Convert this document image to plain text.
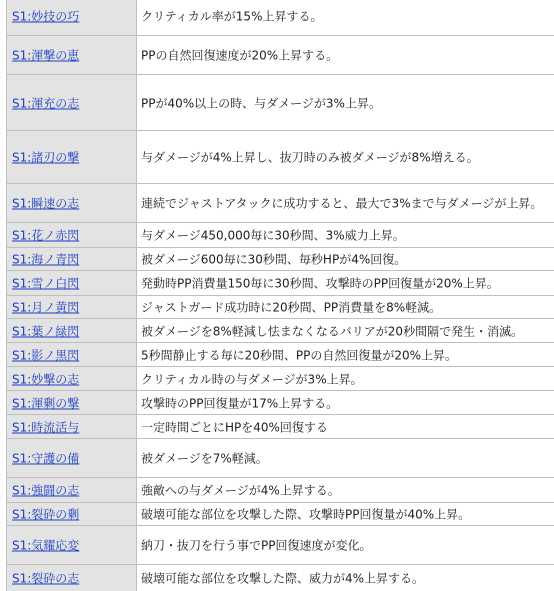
S1:妙技の巧	クリティカル率が15%上昇する。
S1:渾撃の恵	PPの自然回復速度が20%上昇する。
S1:渾充の志	PPが40%以上の時、与ダメージが3%上昇。
S1:諸刃の撃	与ダメージが4%上昇し、抜刀時のみ被ダメージが8%増える。
S1:瞬速の志	連続でジャストアタックに成功すると、最大で3%まで与ダメージが上昇。
S1:花ノ赤閃	与ダメージ450,000毎に30秒間、3%威力上昇。
S1:海ノ青閃	被ダメージ600毎に30秒間、毎秒HPが4%回復。
S1:雪ノ白閃	発動時PP消費量150毎に30秒間、攻撃時のPP回復量が20%上昇。
S1:月ノ黄閃	ジャストガード成功時に20秒間、PP消費量を8%軽減。
S1:葉ノ緑閃	被ダメージを8%軽減し怯まなくなるバリアが20秒間隔で発生・消滅。
S1:影ノ黒閃	5秒間静止する毎に20秒間、PPの自然回復量が20%上昇。
S1:妙撃の志	クリティカル時の与ダメージが3%上昇。
S1:渾剰の撃	攻撃時のPP回復量が17%上昇する。
S1:時流活与	一定時間ごとにHPを40%回復する
S1:守護の備	被ダメージを7%軽減。
S1:強闘の志	強敵への与ダメージが4%上昇する。
S1:裂砕の剰	破壊可能な部位を攻撃した際、攻撃時PP回復量が40%上昇。
S1:気耀応変	納刀・抜刀を行う事でPP回復速度が変化。
S1:裂砕の志	破壊可能な部位を攻撃した際、威力が4%上昇する。
